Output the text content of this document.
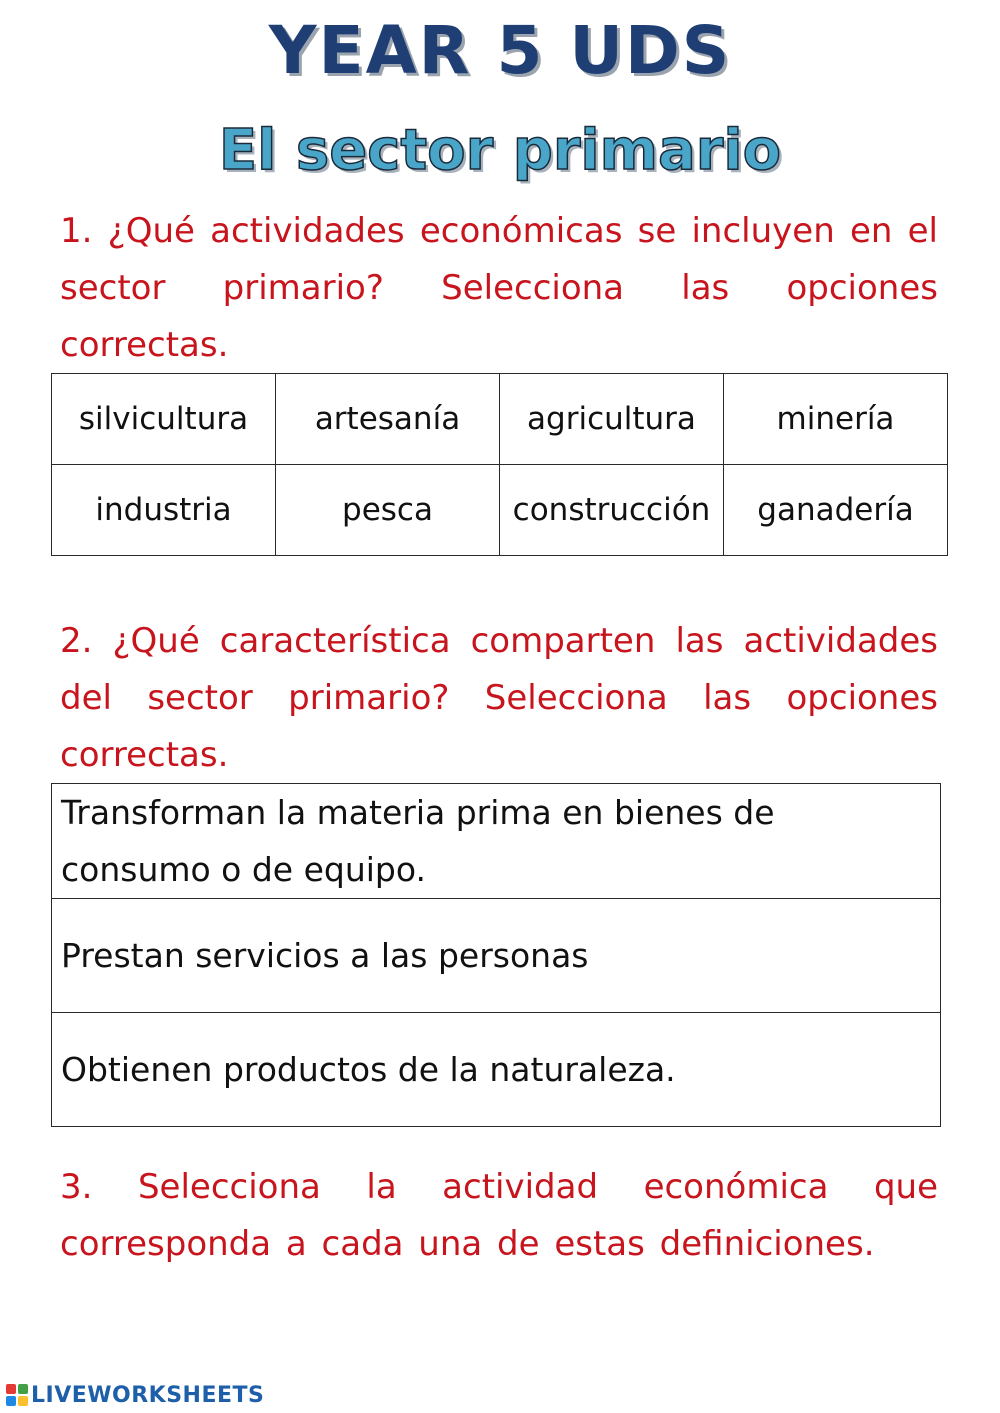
YEAR 5 UDS
El sector primario
1. ¿Qué actividades económicas se incluyen en el sector primario? Selecciona las opciones correctas.
silvicultura	artesanía	agricultura	minería
industria	pesca	construcción	ganadería
2. ¿Qué característica comparten las actividades del sector primario? Selecciona las opciones correctas.
Transforman la materia prima en bienes de consumo o de equipo.
Prestan servicios a las personas
Obtienen productos de la naturaleza.
3. Selecciona la actividad económica que corresponda a cada una de estas definiciones.
LIVEWORKSHEETS
